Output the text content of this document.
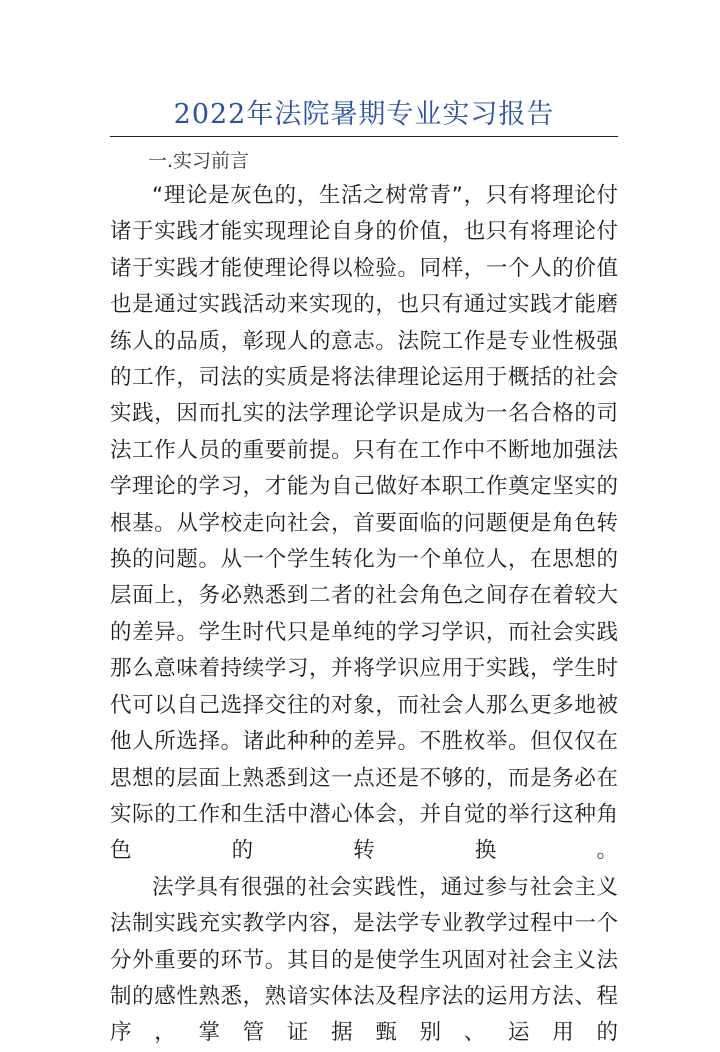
2022年法院暑期专业实习报告
一.实习前言

“理论是灰色的，生活之树常青”，只有将理论付诸于实践才能实现理论自身的价值，也只有将理论付诸于实践才能使理论得以检验。同样，一个人的价值也是通过实践活动来实现的，也只有通过实践才能磨练人的品质，彰现人的意志。法院工作是专业性极强的工作，司法的实质是将法律理论运用于概括的社会实践，因而扎实的法学理论学识是成为一名合格的司法工作人员的重要前提。只有在工作中不断地加强法学理论的学习，才能为自己做好本职工作奠定坚实的根基。从学校走向社会，首要面临的问题便是角色转换的问题。从一个学生转化为一个单位人，在思想的层面上，务必熟悉到二者的社会角色之间存在着较大的差异。学生时代只是单纯的学习学识，而社会实践那么意味着持续学习，并将学识应用于实践，学生时代可以自己选择交往的对象，而社会人那么更多地被他人所选择。诸此种种的差异。不胜枚举。但仅仅在思想的层面上熟悉到这一点还是不够的，而是务必在实际的工作和生活中潜心体会，并自觉的举行这种角色的转换。

法学具有很强的社会实践性，通过参与社会主义法制实践充实教学内容，是法学专业教学过程中一个分外重要的环节。其目的是使学生巩固对社会主义法制的感性熟悉，熟谙实体法及程序法的运用方法、程序，掌管证据甄别、运用的
